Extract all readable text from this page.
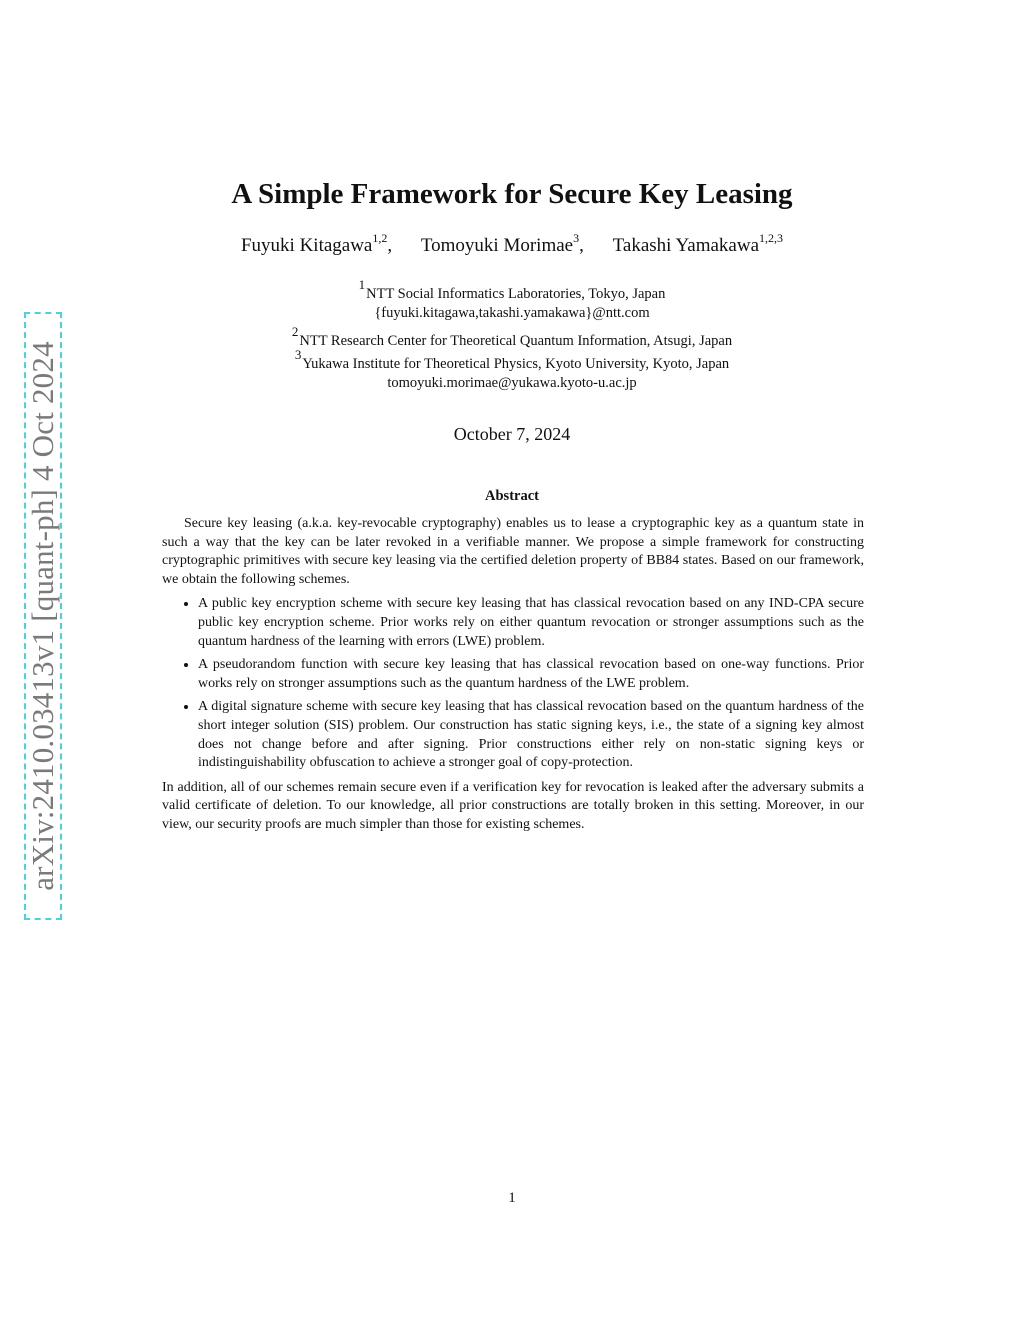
arXiv:2410.03413v1 [quant-ph] 4 Oct 2024
A Simple Framework for Secure Key Leasing
Fuyuki Kitagawa$^{1,2}$, Tomoyuki Morimae$^3$, Takashi Yamakawa$^{1,2,3}$
$^1$NTT Social Informatics Laboratories, Tokyo, Japan
{fuyuki.kitagawa,takashi.yamakawa}@ntt.com
$^2$NTT Research Center for Theoretical Quantum Information, Atsugi, Japan
$^3$Yukawa Institute for Theoretical Physics, Kyoto University, Kyoto, Japan
tomoyuki.morimae@yukawa.kyoto-u.ac.jp
October 7, 2024
Abstract

Secure key leasing (a.k.a. key-revocable cryptography) enables us to lease a cryptographic key as a quantum state in such a way that the key can be later revoked in a verifiable manner. We propose a simple framework for constructing cryptographic primitives with secure key leasing via the certified deletion property of BB84 states. Based on our framework, we obtain the following schemes.

• A public key encryption scheme with secure key leasing that has classical revocation based on any IND-CPA secure public key encryption scheme. Prior works rely on either quantum revocation or stronger assumptions such as the quantum hardness of the learning with errors (LWE) problem.
• A pseudorandom function with secure key leasing that has classical revocation based on one-way functions. Prior works rely on stronger assumptions such as the quantum hardness of the LWE problem.
• A digital signature scheme with secure key leasing that has classical revocation based on the quantum hardness of the short integer solution (SIS) problem. Our construction has static signing keys, i.e., the state of a signing key almost does not change before and after signing. Prior constructions either rely on non-static signing keys or indistinguishability obfuscation to achieve a stronger goal of copy-protection.

In addition, all of our schemes remain secure even if a verification key for revocation is leaked after the adversary submits a valid certificate of deletion. To our knowledge, all prior constructions are totally broken in this setting. Moreover, in our view, our security proofs are much simpler than those for existing schemes.

1
